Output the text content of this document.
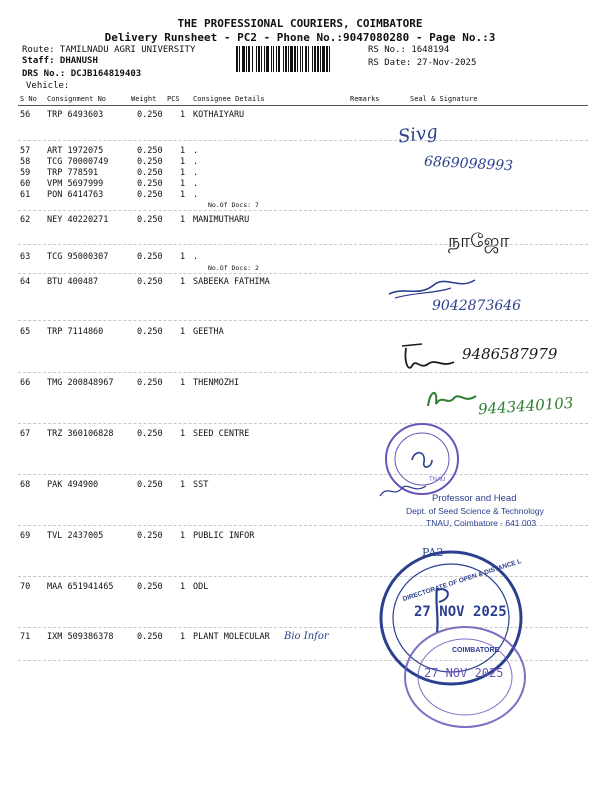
THE PROFESSIONAL COURIERS, COIMBATORE
Delivery Runsheet - PC2 - Phone No.:9047080280 - Page No.:3
Route: TAMILNADU AGRI UNIVERSITY
Staff: DHANUSH
DRS No.: DCJB164819403
Vehicle:
RS No.: 1648194
RS Date: 27-Nov-2025
S No Consignment No	Weight PCS Consignee Details	Remarks	Seal & Signature
56 TRP 6493603	0.250 1 KOTHAIYARU
57 ART 1972075	0.250 1 .
58 TCG 70000749	0.250 1 .
59 TRP 778591	0.250 1 .
60 VPM 5697999	0.250 1 .
61 PON 6414763	0.250 1 .
No.Of Docs: 7
62 NEY 40220271	0.250 1 MANIMUTHARU
63 TCG 95000307	0.250 1 .
No.Of Docs: 2
64 BTU 400487	0.250 1 SABEEKA FATHIMA
65 TRP 7114860	0.250 1 GEETHA
66 TMG 200848967	0.250 1 THENMOZHI
67 TRZ 360106828	0.250 1 SEED CENTRE
68 PAK 494900	0.250 1 SST
69 TVL 2437005	0.250 1 PUBLIC INFOR
70 MAA 651941465	0.250 1 ODL
71 IXM 509386378	0.250 1 PLANT MOLECULAR
Sivg
6869098993
நாஜோ
9042873646
9486587979
9443440103
Bio Infor
TNAU
Professor and Head
Dept. of Seed Science & Technology
TNAU, Coimbatore - 641 003
PA2
DIRECTORATE OF OPEN & DISTANCE L
27 NOV 2025
COIMBATORE
27 NOV 2025
